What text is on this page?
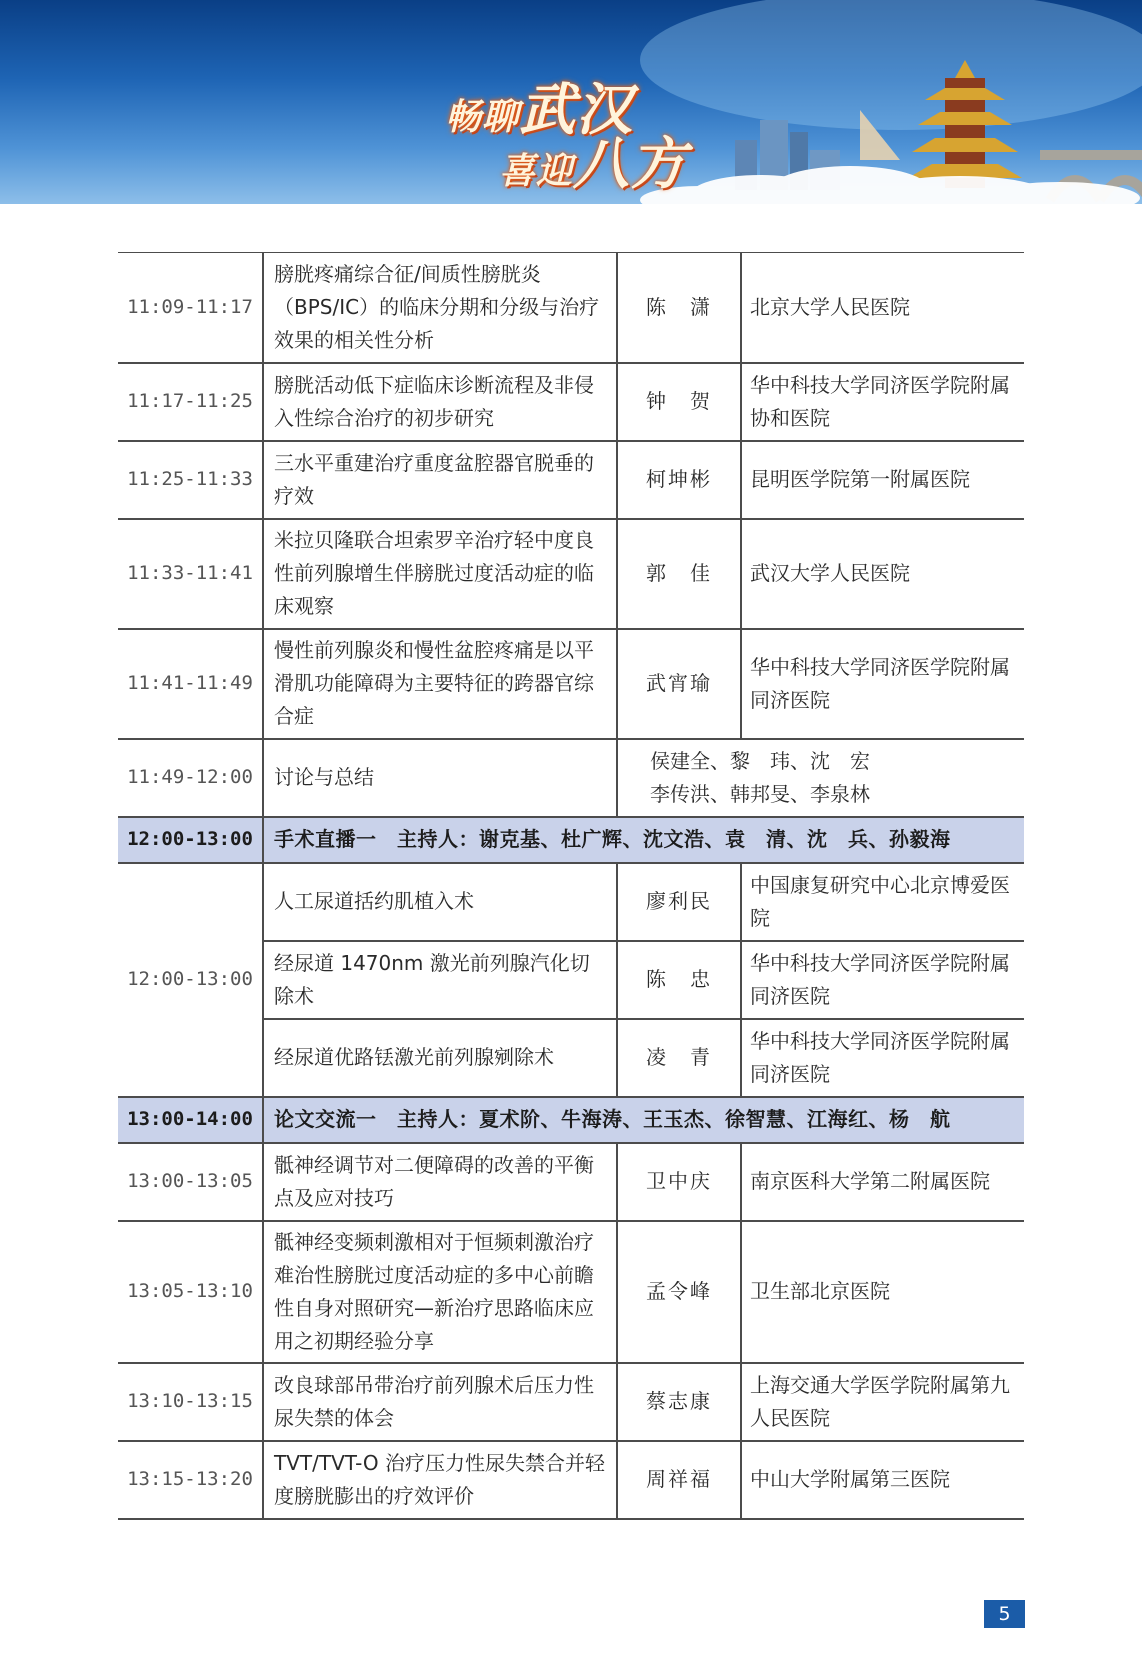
畅聊武汉
喜迎八方
11:09-11:17	膀胱疼痛综合征/间质性膀胱炎（BPS/IC）的临床分期和分级与治疗效果的相关性分析	陈　潇	北京大学人民医院
11:17-11:25	膀胱活动低下症临床诊断流程及非侵入性综合治疗的初步研究	钟　贺	华中科技大学同济医学院附属协和医院
11:25-11:33	三水平重建治疗重度盆腔器官脱垂的疗效	柯坤彬	昆明医学院第一附属医院
11:33-11:41	米拉贝隆联合坦索罗辛治疗轻中度良性前列腺增生伴膀胱过度活动症的临床观察	郭　佳	武汉大学人民医院
11:41-11:49	慢性前列腺炎和慢性盆腔疼痛是以平滑肌功能障碍为主要特征的跨器官综合症	武宵瑜	华中科技大学同济医学院附属同济医院
11:49-12:00	讨论与总结	侯建全、黎　玮、沈　宏
李传洪、韩邦旻、李泉林	

12:00-13:00	手术直播一　主持人：谢克基、杜广辉、沈文浩、袁　清、沈　兵、孙毅海		
12:00-13:00	人工尿道括约肌植入术	廖利民	中国康复研究中心北京博爱医院
	经尿道 1470nm 激光前列腺汽化切除术	陈　忠	华中科技大学同济医学院附属同济医院
	经尿道优路铥激光前列腺剜除术	凌　青	华中科技大学同济医学院附属同济医院
13:00-14:00	论文交流一　主持人：夏术阶、牛海涛、王玉杰、徐智慧、江海红、杨　航		
13:00-13:05	骶神经调节对二便障碍的改善的平衡点及应对技巧	卫中庆	南京医科大学第二附属医院
13:05-13:10	骶神经变频刺激相对于恒频刺激治疗难治性膀胱过度活动症的多中心前瞻性自身对照研究—新治疗思路临床应用之初期经验分享	孟令峰	卫生部北京医院
13:10-13:15	改良球部吊带治疗前列腺术后压力性尿失禁的体会	蔡志康	上海交通大学医学院附属第九人民医院
13:15-13:20	TVT/TVT-O 治疗压力性尿失禁合并轻度膀胱膨出的疗效评价	周祥福	中山大学附属第三医院
5
